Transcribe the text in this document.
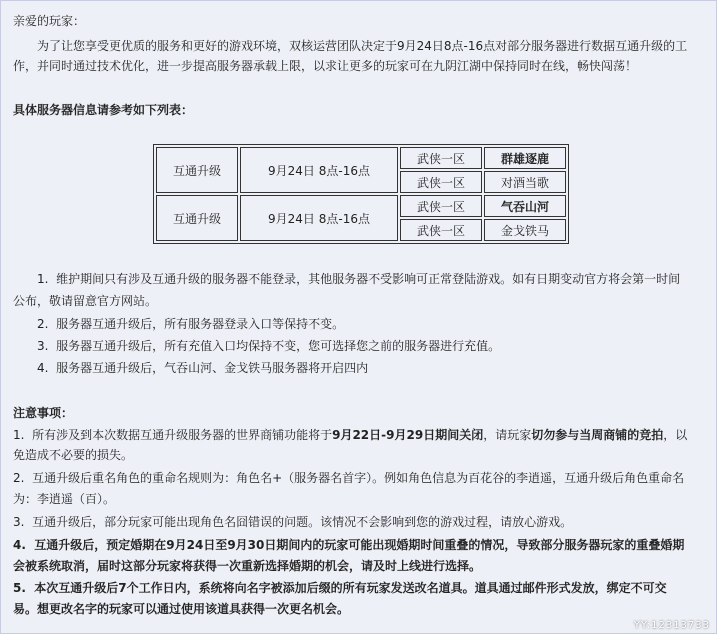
亲爱的玩家：
为了让您享受更优质的服务和更好的游戏环境，双核运营团队决定于9月24日8点-16点对部分服务器进行数据互通升级的工
作，并同时通过技术优化，进一步提高服务器承载上限，以求让更多的玩家可在九阴江湖中保持同时在线，畅快闯荡！
具体服务器信息请参考如下列表：
互通升级	9月24日 8点-16点	武侠一区	群雄逐鹿
		武侠一区	对酒当歌
互通升级	9月24日 8点-16点	武侠一区	气吞山河
		武侠一区	金戈铁马
1. 维护期间只有涉及互通升级的服务器不能登录，其他服务器不受影响可正常登陆游戏。如有日期变动官方将会第一时间
公布，敬请留意官方网站。
2. 服务器互通升级后，所有服务器登录入口等保持不变。
3. 服务器互通升级后，所有充值入口均保持不变，您可选择您之前的服务器进行充值。
4. 服务器互通升级后，气吞山河、金戈铁马服务器将开启四内
注意事项：
1. 所有涉及到本次数据互通升级服务器的世界商铺功能将于9月22日-9月29日期间关闭，请玩家切勿参与当周商铺的竞拍，以
免造成不必要的损失。
2. 互通升级后重名角色的重命名规则为：角色名+（服务器名首字）。例如角色信息为百花谷的李逍遥，互通升级后角色重命名
为：李逍遥（百）。
3. 互通升级后，部分玩家可能出现角色名囧错误的问题。该情况不会影响到您的游戏过程，请放心游戏。
4. 互通升级后，预定婚期在9月24日至9月30日期间内的玩家可能出现婚期时间重叠的情况，导致部分服务器玩家的重叠婚期
会被系统取消，届时这部分玩家将获得一次重新选择婚期的机会，请及时上线进行选择。
5. 本次互通升级后7个工作日内，系统将向名字被添加后缀的所有玩家发送改名道具。道具通过邮件形式发放，绑定不可交
易。想更改名字的玩家可以通过使用该道具获得一次更名机会。
YY:12313733
